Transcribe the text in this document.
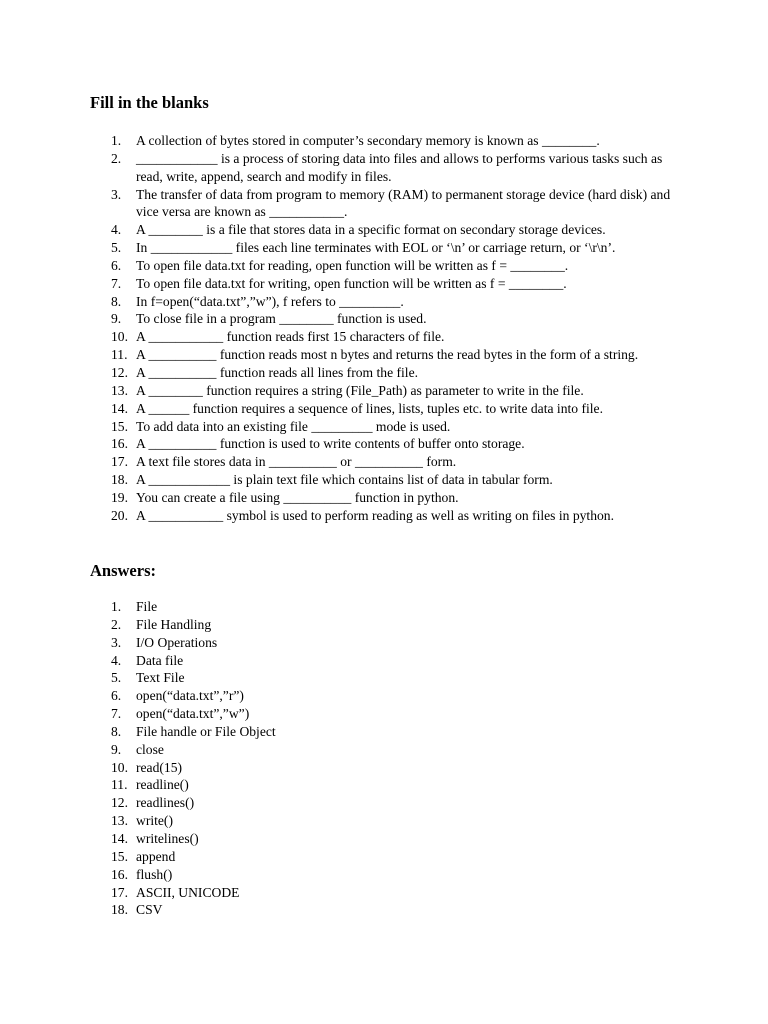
Fill in the blanks
1.	A collection of bytes stored in computer’s secondary memory is known as ________.
2.	____________ is a process of storing data into files and allows to performs various tasks such as read, write, append, search and modify in files.
3.	The transfer of data from program to memory (RAM) to permanent storage device (hard disk) and vice versa are known as ___________.
4.	A ________ is a file that stores data in a specific format on secondary storage devices.
5.	In ____________ files each line terminates with EOL or ‘\n’ or carriage return, or ‘\r\n’.
6.	To open file data.txt for reading, open function will be written as f = ________.
7.	To open file data.txt for writing, open function will be written as f = ________.
8.	In f=open(“data.txt”,”w”), f refers to _________.
9.	To close file in a program ________ function is used.
10. A ___________ function reads first 15 characters of file.
11. A __________ function reads most n bytes and returns the read bytes in the form of a string.
12. A __________ function reads all lines from the file.
13. A ________ function requires a string (File_Path) as parameter to write in the file.
14. A ______ function requires a sequence of lines, lists, tuples etc. to write data into file.
15. To add data into an existing file _________ mode is used.
16. A __________ function is used to write contents of buffer onto storage.
17. A text file stores data in __________ or __________ form.
18. A ____________ is plain text file which contains list of data in tabular form.
19. You can create a file using __________ function in python.
20. A ___________ symbol is used to perform reading as well as writing on files in python.
Answers:
1.	File
2.	File Handling
3.	I/O Operations
4.	Data file
5.	Text File
6.	open(“data.txt”,”r”)
7.	open(“data.txt”,”w”)
8.	File handle or File Object
9.	close
10. read(15)
11. readline()
12. readlines()
13. write()
14. writelines()
15. append
16. flush()
17. ASCII, UNICODE
18. CSV
